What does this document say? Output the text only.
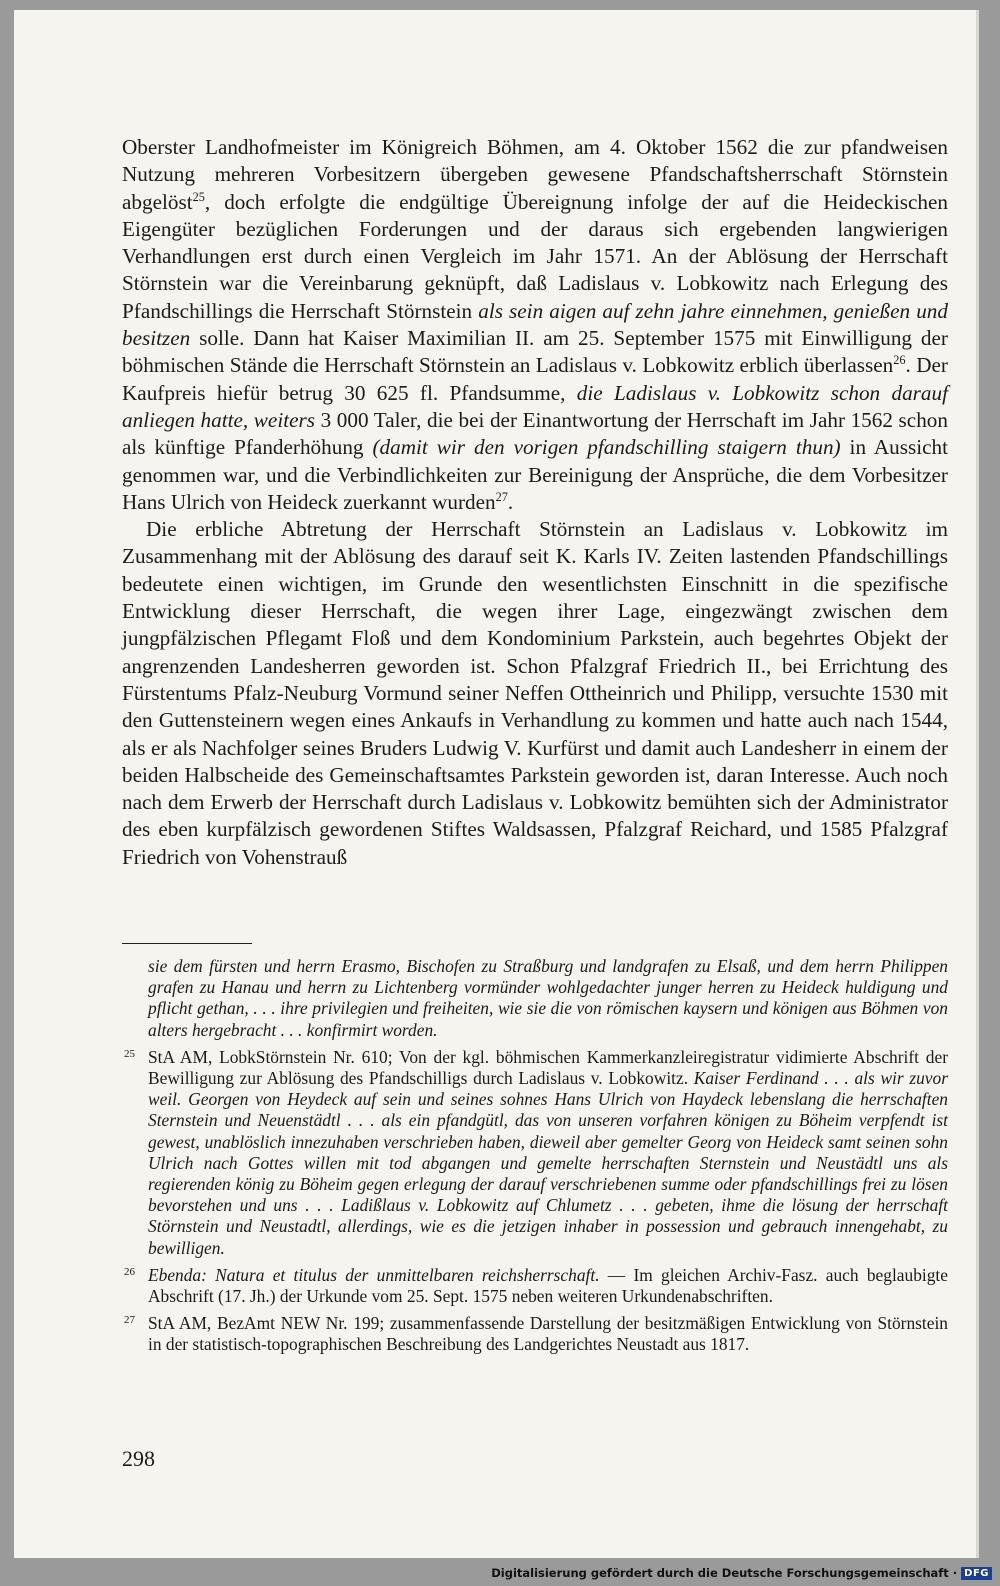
Oberster Landhofmeister im Königreich Böhmen, am 4. Oktober 1562 die zur pfandweisen Nutzung mehreren Vorbesitzern übergeben gewesene Pfandschaftsherrschaft Störnstein abgelöst$^{25}$, doch erfolgte die endgültige Übereignung infolge der auf die Heideckischen Eigengüter bezüglichen Forderungen und der daraus sich ergebenden langwierigen Verhandlungen erst durch einen Vergleich im Jahr 1571. An der Ablösung der Herrschaft Störnstein war die Vereinbarung geknüpft, daß Ladislaus v. Lobkowitz nach Erlegung des Pfandschillings die Herrschaft Störnstein als sein aigen auf zehn jahre einnehmen, genießen und besitzen solle. Dann hat Kaiser Maximilian II. am 25. September 1575 mit Einwilligung der böhmischen Stände die Herrschaft Störnstein an Ladislaus v. Lobkowitz erblich überlassen$^{26}$. Der Kaufpreis hiefür betrug 30 625 fl. Pfandsumme, die Ladislaus v. Lobkowitz schon darauf anliegen hatte, weiters 3 000 Taler, die bei der Einantwortung der Herrschaft im Jahr 1562 schon als künftige Pfanderhöhung (damit wir den vorigen pfandschilling staigern thun) in Aussicht genommen war, und die Verbindlichkeiten zur Bereinigung der Ansprüche, die dem Vorbesitzer Hans Ulrich von Heideck zuerkannt wurden$^{27}$.

Die erbliche Abtretung der Herrschaft Störnstein an Ladislaus v. Lobkowitz im Zusammenhang mit der Ablösung des darauf seit K. Karls IV. Zeiten lastenden Pfandschillings bedeutete einen wichtigen, im Grunde den wesentlichsten Einschnitt in die spezifische Entwicklung dieser Herrschaft, die wegen ihrer Lage, eingezwängt zwischen dem jungpfälzischen Pflegamt Floß und dem Kondominium Parkstein, auch begehrtes Objekt der angrenzenden Landesherren geworden ist. Schon Pfalzgraf Friedrich II., bei Errichtung des Fürstentums Pfalz-Neuburg Vormund seiner Neffen Ottheinrich und Philipp, versuchte 1530 mit den Guttensteinern wegen eines Ankaufs in Verhandlung zu kommen und hatte auch nach 1544, als er als Nachfolger seines Bruders Ludwig V. Kurfürst und damit auch Landesherr in einem der beiden Halbscheide des Gemeinschaftsamtes Parkstein geworden ist, daran Interesse. Auch noch nach dem Erwerb der Herrschaft durch Ladislaus v. Lobkowitz bemühten sich der Administrator des eben kurpfälzisch gewordenen Stiftes Waldsassen, Pfalzgraf Reichard, und 1585 Pfalzgraf Friedrich von Vohenstrauß

sie dem fürsten und herrn Erasmo, Bischofen zu Straßburg und landgrafen zu Elsaß, und dem herrn Philippen grafen zu Hanau und herrn zu Lichtenberg vormünder wohlgedachter junger herren zu Heideck huldigung und pflicht gethan, . . . ihre privilegien und freiheiten, wie sie die von römischen kaysern und königen aus Böhmen von alters hergebracht . . . konfirmirt worden.
25 StA AM, LobkStörnstein Nr. 610; Von der kgl. böhmischen Kammerkanzleiregistratur vidimierte Abschrift der Bewilligung zur Ablösung des Pfandschilligs durch Ladislaus v. Lobkowitz. Kaiser Ferdinand . . . als wir zuvor weil. Georgen von Heydeck auf sein und seines sohnes Hans Ulrich von Haydeck lebenslang die herrschaften Sternstein und Neuenstädtl . . . als ein pfandgütl, das von unseren vorfahren königen zu Böheim verpfendt ist gewest, unablöslich innezuhaben verschrieben haben, dieweil aber gemelter Georg von Heideck samt seinen sohn Ulrich nach Gottes willen mit tod abgangen und gemelte herrschaften Sternstein und Neustädtl uns als regierenden könig zu Böheim gegen erlegung der darauf verschriebenen summe oder pfandschillings frei zu lösen bevorstehen und uns . . . Ladißlaus v. Lobkowitz auf Chlumetz . . . gebeten, ihme die lösung der herrschaft Störnstein und Neustadtl, allerdings, wie es die jetzigen inhaber in possession und gebrauch innengehabt, zu bewilligen.
26 Ebenda: Natura et titulus der unmittelbaren reichsherrschaft. — Im gleichen Archiv-Fasz. auch beglaubigte Abschrift (17. Jh.) der Urkunde vom 25. Sept. 1575 neben weiteren Urkundenabschriften.
27 StA AM, BezAmt NEW Nr. 199; zusammenfassende Darstellung der besitzmäßigen Entwicklung von Störnstein in der statistisch-topographischen Beschreibung des Landgerichtes Neustadt aus 1817.
298
Digitalisierung gefördert durch die Deutsche Forschungsgemeinschaft · DFG
